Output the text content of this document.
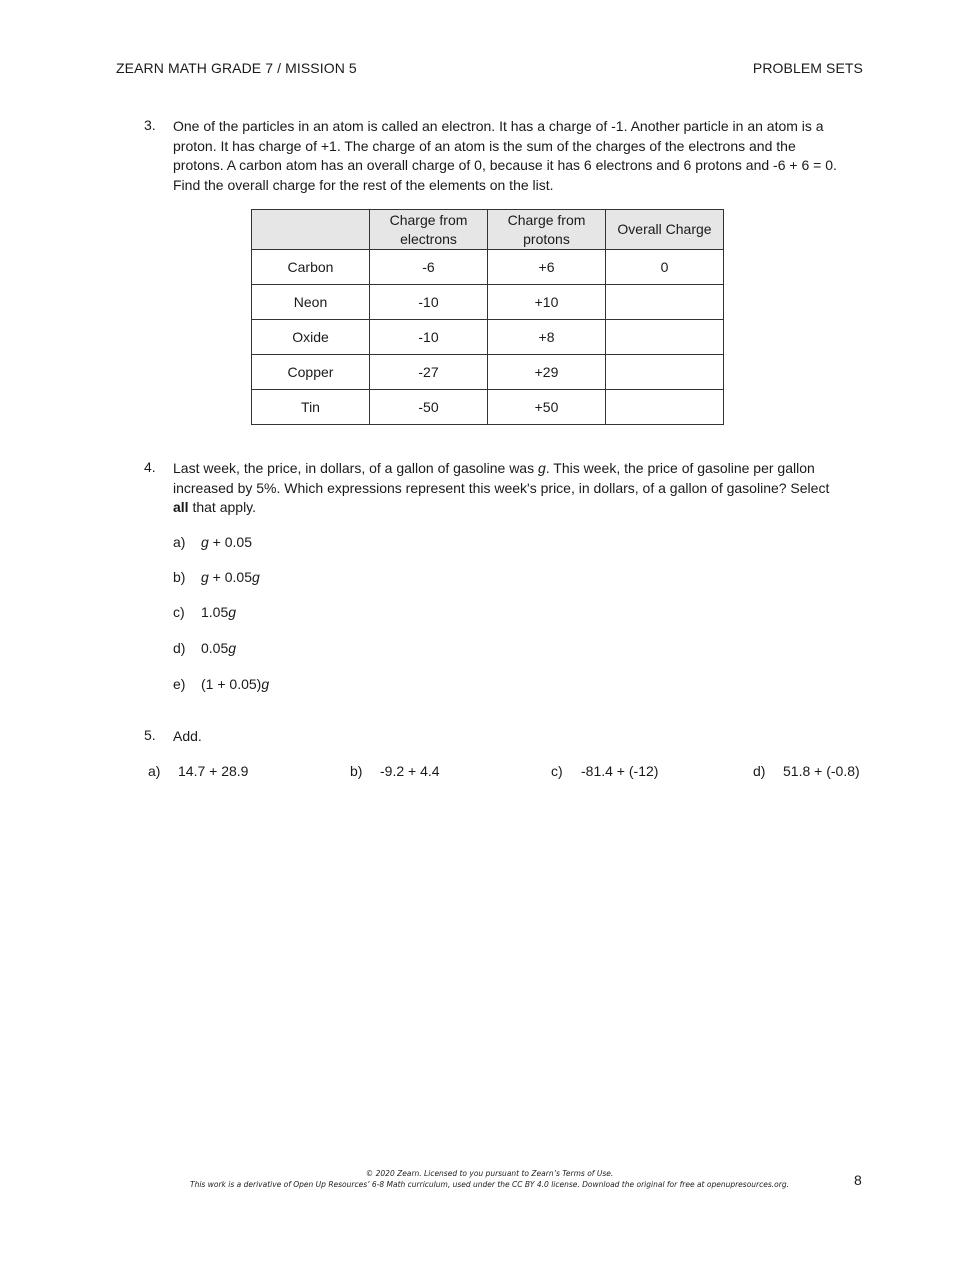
ZEARN MATH GRADE 7 / MISSION 5	PROBLEM SETS
3.	One of the particles in an atom is called an electron. It has a charge of -1. Another particle in an atom is a
proton. It has charge of +1. The charge of an atom is the sum of the charges of the electrons and the
protons. A carbon atom has an overall charge of 0, because it has 6 electrons and 6 protons and -6 + 6 = 0.
Find the overall charge for the rest of the elements on the list.

	Charge from electrons	Charge from protons	Overall Charge
Carbon	-6	+6	0
Neon	-10	+10	
Oxide	-10	+8	
Copper	-27	+29	
Tin	-50	+50	
4.	Last week, the price, in dollars, of a gallon of gasoline was g. This week, the price of gasoline per gallon
increased by 5%. Which expressions represent this week's price, in dollars, of a gallon of gasoline? Select
all that apply.
a) g + 0.05
b) g + 0.05g
c) 1.05g
d) 0.05g
e) (1 + 0.05)g
5.	Add.
a) 14.7 + 28.9	b) -9.2 + 4.4	c) -81.4 + (-12)	d) 51.8 + (-0.8)
© 2020 Zearn. Licensed to you pursuant to Zearn’s Terms of Use.
This work is a derivative of Open Up Resources’ 6-8 Math curriculum, used under the CC BY 4.0 license. Download the original for free at openupresources.org.	8
